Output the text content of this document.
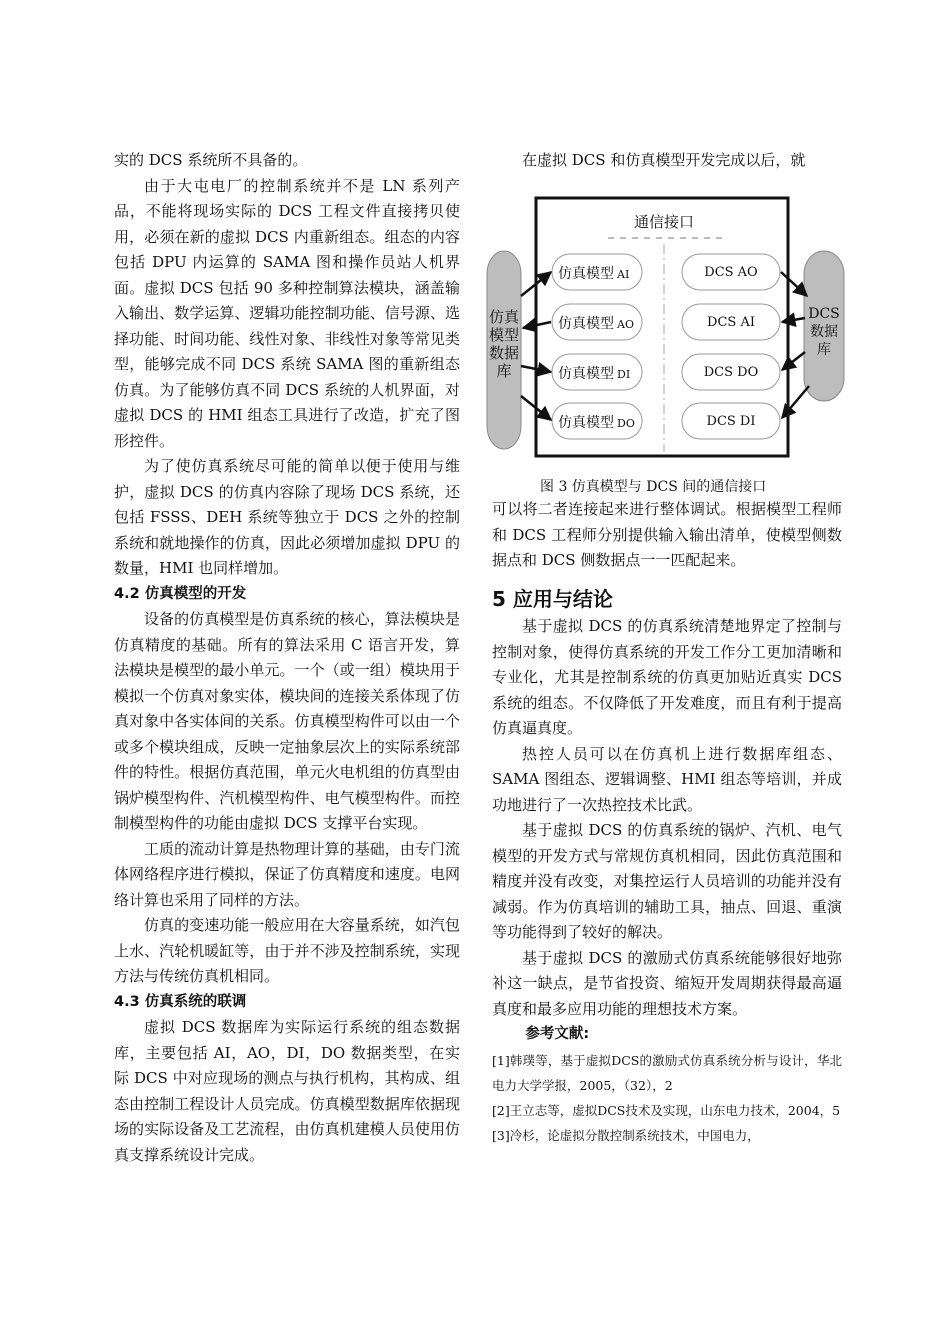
实的 DCS 系统所不具备的。

由于大屯电厂的控制系统并不是 LN 系列产品，不能将现场实际的 DCS 工程文件直接拷贝使用，必须在新的虚拟 DCS 内重新组态。组态的内容包括 DPU 内运算的 SAMA 图和操作员站人机界面。虚拟 DCS 包括 90 多种控制算法模块，涵盖输入输出、数学运算、逻辑功能控制功能、信号源、选择功能、时间功能、线性对象、非线性对象等常见类型，能够完成不同 DCS 系统 SAMA 图的重新组态仿真。为了能够仿真不同 DCS 系统的人机界面，对虚拟 DCS 的 HMI 组态工具进行了改造，扩充了图形控件。

为了使仿真系统尽可能的简单以便于使用与维护，虚拟 DCS 的仿真内容除了现场 DCS 系统，还包括 FSSS、DEH 系统等独立于 DCS 之外的控制系统和就地操作的仿真，因此必须增加虚拟 DPU 的数量，HMI 也同样增加。

4.2 仿真模型的开发

设备的仿真模型是仿真系统的核心，算法模块是仿真精度的基础。所有的算法采用 C 语言开发，算法模块是模型的最小单元。一个（或一组）模块用于模拟一个仿真对象实体，模块间的连接关系体现了仿真对象中各实体间的关系。仿真模型构件可以由一个或多个模块组成，反映一定抽象层次上的实际系统部件的特性。根据仿真范围，单元火电机组的仿真型由锅炉模型构件、汽机模型构件、电气模型构件。而控制模型构件的功能由虚拟 DCS 支撑平台实现。

工质的流动计算是热物理计算的基础，由专门流体网络程序进行模拟，保证了仿真精度和速度。电网络计算也采用了同样的方法。

仿真的变速功能一般应用在大容量系统，如汽包上水、汽轮机暖缸等，由于并不涉及控制系统，实现方法与传统仿真机相同。

4.3 仿真系统的联调

虚拟 DCS 数据库为实际运行系统的组态数据库，主要包括 AI，AO，DI，DO 数据类型，在实际 DCS 中对应现场的测点与执行机构，其构成、组态由控制工程设计人员完成。仿真模型数据库依据现场的实际设备及工艺流程，由仿真机建模人员使用仿真支撑系统设计完成。

在虚拟 DCS 和仿真模型开发完成以后，就

通信接口
仿真
模型
数据
库
DCS
数据
库
仿真模型 AI
仿真模型 AO
仿真模型 DI
仿真模型 DO
DCS AO
DCS AI
DCS DO
DCS DI
图 3 仿真模型与 DCS 间的通信接口

可以将二者连接起来进行整体调试。根据模型工程师和 DCS 工程师分别提供输入输出清单，使模型侧数据点和 DCS 侧数据点一一匹配起来。

5 应用与结论

基于虚拟 DCS 的仿真系统清楚地界定了控制与控制对象，使得仿真系统的开发工作分工更加清晰和专业化，尤其是控制系统的仿真更加贴近真实 DCS 系统的组态。不仅降低了开发难度，而且有利于提高仿真逼真度。

热控人员可以在仿真机上进行数据库组态、SAMA 图组态、逻辑调整、HMI 组态等培训，并成功地进行了一次热控技术比武。

基于虚拟 DCS 的仿真系统的锅炉、汽机、电气模型的开发方式与常规仿真机相同，因此仿真范围和精度并没有改变，对集控运行人员培训的功能并没有减弱。作为仿真培训的辅助工具，抽点、回退、重演等功能得到了较好的解决。

基于虚拟 DCS 的激励式仿真系统能够很好地弥补这一缺点，是节省投资、缩短开发周期获得最高逼真度和最多应用功能的理想技术方案。

参考文献:

[1]韩璞等，基于虚拟DCS的激励式仿真系统分析与设计，华北电力大学学报，2005，（32），2

[2]王立志等，虚拟DCS技术及实现，山东电力技术，2004，5

[3]冷杉，论虚拟分散控制系统技术，中国电力，
